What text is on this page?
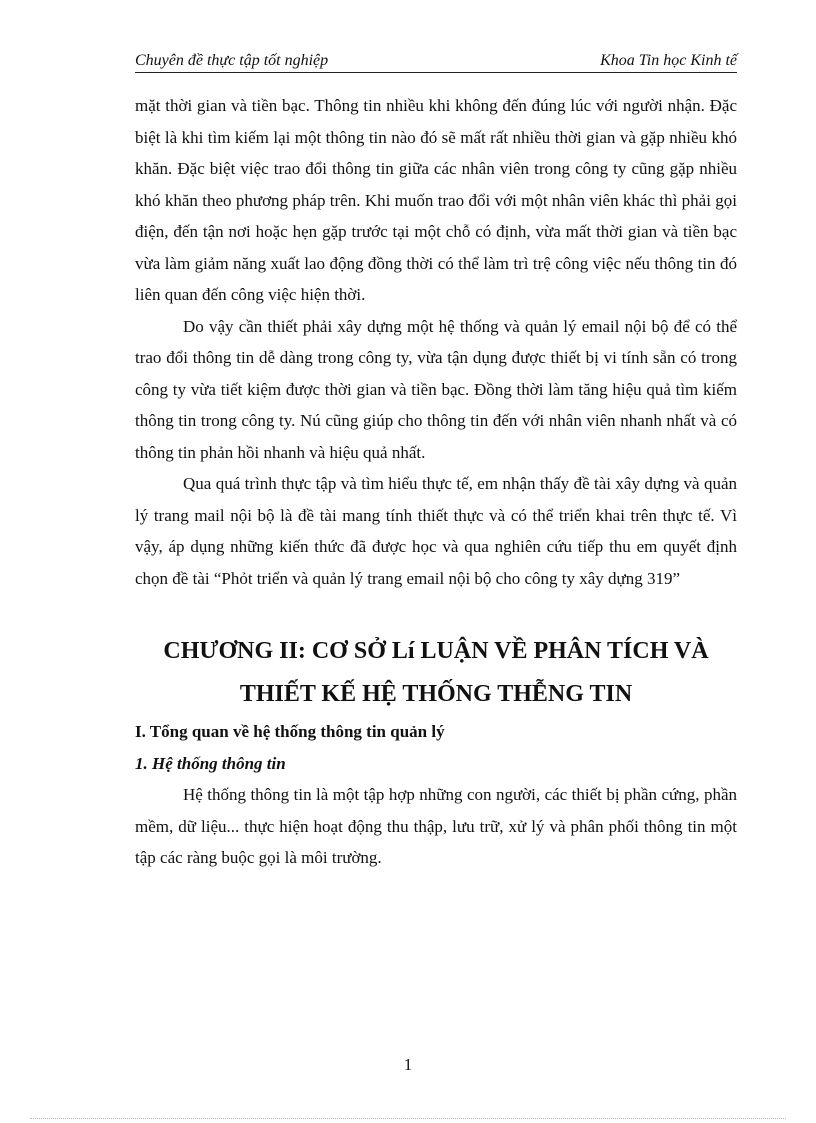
Chuyên đề thực tập tốt nghiệp	Khoa Tin học Kinh tế

mặt thời gian và tiền bạc. Thông tin nhiều khi không đến đúng lúc với người nhận. Đặc biệt là khi tìm kiếm lại một thông tin nào đó sẽ mất rất nhiều thời gian và gặp nhiều khó khăn. Đặc biệt việc trao đổi thông tin giữa các nhân viên trong công ty cũng gặp nhiều khó khăn theo phương pháp trên. Khi muốn trao đổi với một nhân viên khác thì phải gọi điện, đến tận nơi hoặc hẹn gặp trước tại một chỗ có định, vừa mất thời gian và tiền bạc vừa làm giảm năng xuất lao động đồng thời có thể làm trì trệ công việc nếu thông tin đó liên quan đến công việc hiện thời.

Do vậy cần thiết phải xây dựng một hệ thống và quản lý email nội bộ để có thể trao đổi thông tin dễ dàng trong công ty, vừa tận dụng được thiết bị vi tính sẵn có trong công ty vừa tiết kiệm được thời gian và tiền bạc. Đồng thời làm tăng hiệu quả tìm kiếm thông tin trong công ty. Nú cũng giúp cho thông tin đến với nhân viên nhanh nhất và có thông tin phản hồi nhanh và hiệu quả nhất.

Qua quá trình thực tập và tìm hiểu thực tế, em nhận thấy đề tài xây dựng và quản lý trang mail nội bộ là đề tài mang tính thiết thực và có thể triển khai trên thực tế. Vì vậy, áp dụng những kiến thức đã được học và qua nghiên cứu tiếp thu em quyết định chọn đề tài “Phỏt triển và quản lý trang email nội bộ cho công ty xây dựng 319”

CHƯƠNG II: CƠ SỞ Lí LUẬN VỀ PHÂN TÍCH VÀ
THIẾT KẾ HỆ THỐNG THỄNG TIN

I. Tổng quan về hệ thống thông tin quản lý

1. Hệ thống thông tin

Hệ thống thông tin là một tập hợp những con người, các thiết bị phần cứng, phần mềm, dữ liệu... thực hiện hoạt động thu thập, lưu trữ, xử lý và phân phối thông tin một tập các ràng buộc gọi là môi trường.

1
